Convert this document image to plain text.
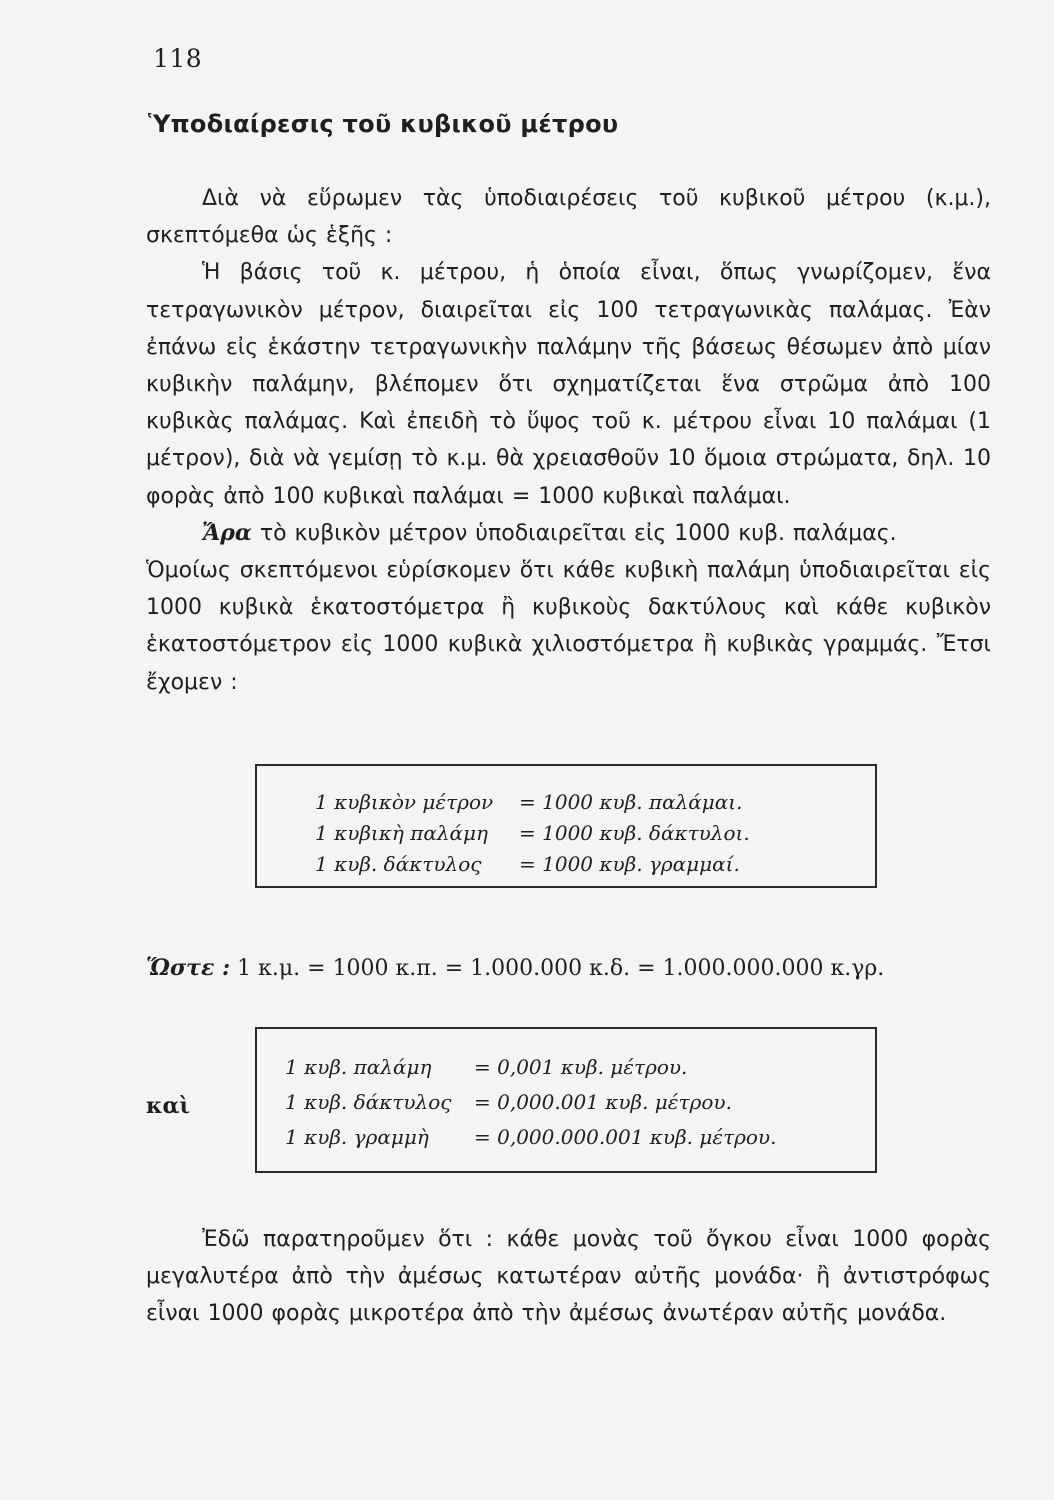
118
Ὑποδιαίρεσις τοῦ κυβικοῦ μέτρου

Διὰ νὰ εὕρωμεν τὰς ὑποδιαιρέσεις τοῦ κυβικοῦ μέτρου (κ.μ.), σκεπτόμεθα ὡς ἑξῆς :

Ἡ βάσις τοῦ κ. μέτρου, ἡ ὁποία εἶναι, ὅπως γνωρίζομεν, ἕνα τετραγωνικὸν μέτρον, διαιρεῖται εἰς 100 τετραγωνικὰς παλάμας. Ἐὰν ἐπάνω εἰς ἑκάστην τετραγωνικὴν παλάμην τῆς βάσεως θέσωμεν ἀπὸ μίαν κυβικὴν παλάμην, βλέπομεν ὅτι σχηματίζεται ἕνα στρῶμα ἀπὸ 100 κυβικὰς παλάμας. Καὶ ἐπειδὴ τὸ ὕψος τοῦ κ. μέτρου εἶναι 10 παλάμαι (1 μέτρον), διὰ νὰ γεμίσῃ τὸ κ.μ. θὰ χρειασθοῦν 10 ὅμοια στρώματα, δηλ. 10 φορὰς ἀπὸ 100 κυβικαὶ παλάμαι = 1000 κυβικαὶ παλάμαι.

Ἄρα τὸ κυβικὸν μέτρον ὑποδιαιρεῖται εἰς 1000 κυβ. παλάμας.

Ὁμοίως σκεπτόμενοι εὑρίσκομεν ὅτι κάθε κυβικὴ παλάμη ὑποδιαιρεῖται εἰς 1000 κυβικὰ ἑκατοστόμετρα ἢ κυβικοὺς δακτύλους καὶ κάθε κυβικὸν ἑκατοστόμετρον εἰς 1000 κυβικὰ χιλιοστόμετρα ἢ κυβικὰς γραμμάς. Ἔτσι ἔχομεν :

1 κυβικὸν μέτρον = 1000 κυβ. παλάμαι.
1 κυβικὴ παλάμη = 1000 κυβ. δάκτυλοι.
1 κυβ. δάκτυλος = 1000 κυβ. γραμμαί.
Ὥστε : 1 κ.μ. = 1000 κ.π. = 1.000.000 κ.δ. = 1.000.000.000 κ.γρ.
καὶ
1 κυβ. παλάμη = 0,001 κυβ. μέτρου.
1 κυβ. δάκτυλος = 0,000.001 κυβ. μέτρου.
1 κυβ. γραμμὴ = 0,000.000.001 κυβ. μέτρου.

Ἐδῶ παρατηροῦμεν ὅτι : κάθε μονὰς τοῦ ὄγκου εἶναι 1000 φορὰς μεγαλυτέρα ἀπὸ τὴν ἀμέσως κατωτέραν αὐτῆς μονάδα· ἢ ἀντιστρόφως εἶναι 1000 φορὰς μικροτέρα ἀπὸ τὴν ἀμέσως ἀνωτέραν αὐτῆς μονάδα.
